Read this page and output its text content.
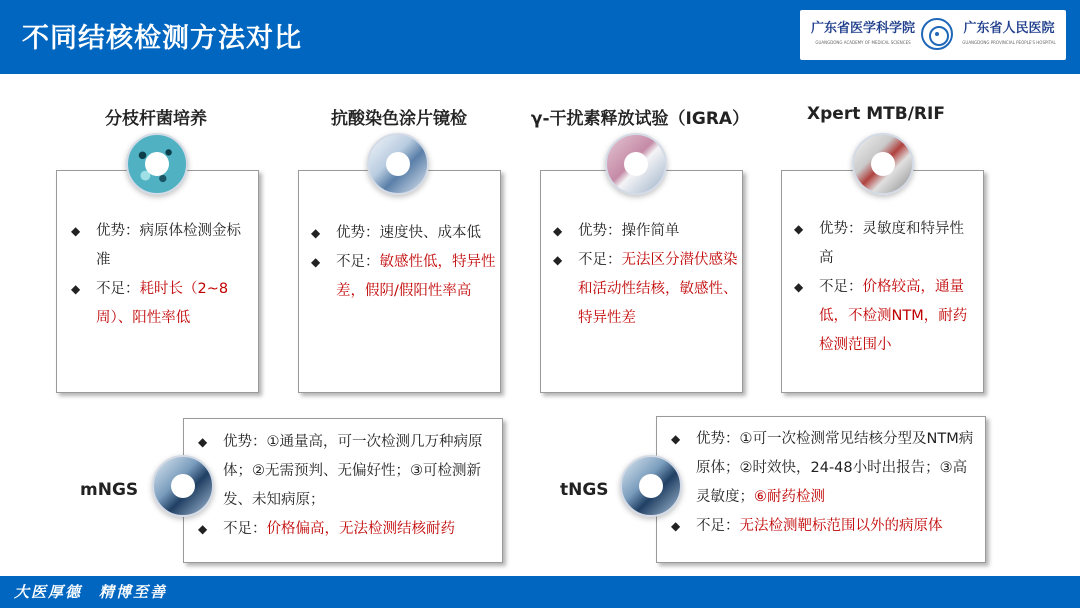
不同结核检测方法对比	广东省医学科学院
GUANGDONG ACADEMY OF MEDICAL SCIENCES
广东省人民医院
GUANGDONG PROVINCIAL PEOPLE'S HOSPITAL
分枝杆菌培养	抗酸染色涂片镜检	γ-干扰素释放试验（IGRA）	Xpert MTB/RIF
◆ 优势：病原体检测金标准
◆ 不足：耗时长（2~8周）、阳性率低
◆ 优势：速度快、成本低
◆ 不足：敏感性低，特异性差，假阴/假阳性率高
◆ 优势：操作简单
◆ 不足：无法区分潜伏感染和活动性结核，敏感性、特异性差
◆ 优势：灵敏度和特异性高
◆ 不足：价格较高，通量低，不检测NTM，耐药检测范围小
◆ 优势：①通量高，可一次检测几万种病原体；②无需预判、无偏好性；③可检测新发、未知病原；
◆ 不足：价格偏高，无法检测结核耐药
◆ 优势：①可一次检测常见结核分型及NTM病原体；②时效快，24-48小时出报告；③高灵敏度；⑥耐药检测
◆ 不足：无法检测靶标范围以外的病原体
mNGS	tNGS
大医厚德　精博至善
